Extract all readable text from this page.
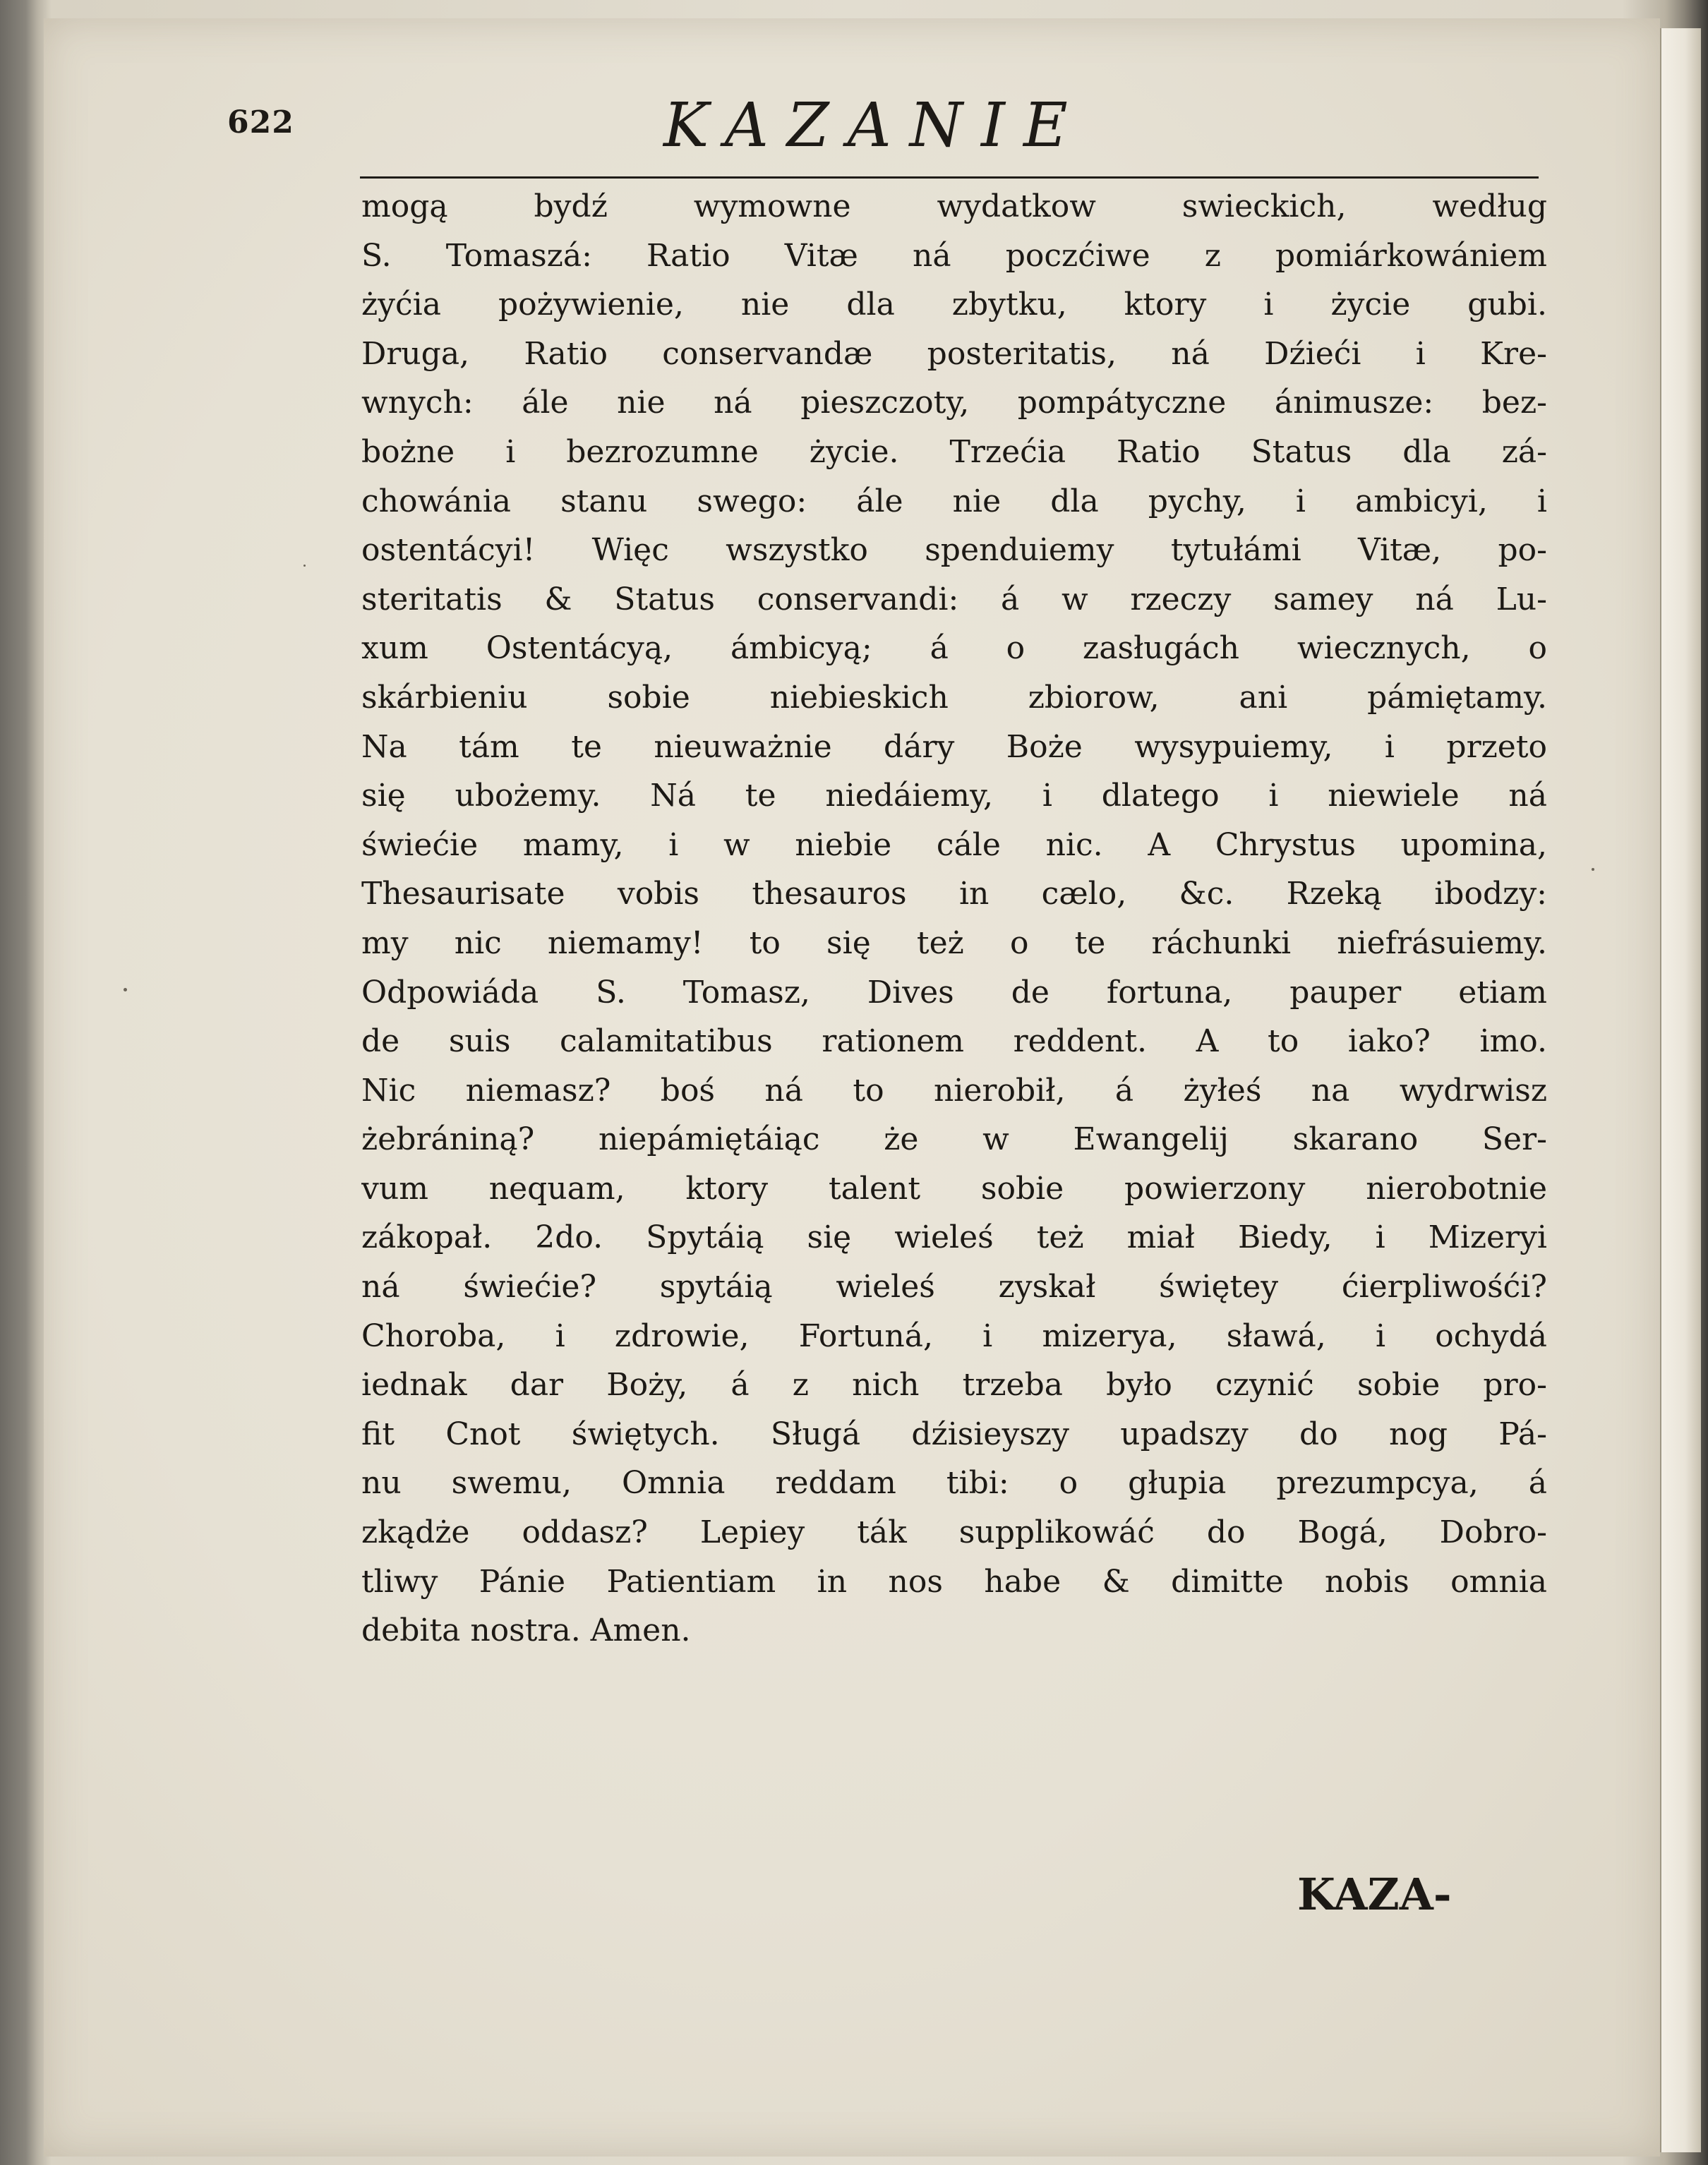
622	KAZANIE
mogą bydź wymowne wydatkow swieckich, według
S. Tomaszá: Ratio Vitæ ná poczćiwe z pomiárkowániem
żyćia pożywienie, nie dla zbytku, ktory i życie gubi.
Druga, Ratio conservandæ posteritatis, ná Dźieći i Kre-
wnych: ále nie ná pieszczoty, pompátyczne ánimusze: bez-
bożne i bezrozumne życie. Trzećia Ratio Status dla zá-
chowánia stanu swego: ále nie dla pychy, i ambicyi, i
ostentácyi! Więc wszystko spenduiemy tytułámi Vitæ, po-
steritatis & Status conservandi: á w rzeczy samey ná Lu-
xum Ostentácyą, ámbicyą; á o zasługách wiecznych, o
skárbieniu sobie niebieskich zbiorow, ani pámiętamy.
Na tám te nieuważnie dáry Boże wysypuiemy, i przeto
się ubożemy. Ná te niedáiemy, i dlatego i niewiele ná
świećie mamy, i w niebie cále nic. A Chrystus upomina,
Thesaurisate vobis thesauros in cælo, &c. Rzeką ibodzy:
my nic niemamy! to się też o te ráchunki niefrásuiemy.
Odpowiáda S. Tomasz, Dives de fortuna, pauper etiam
de suis calamitatibus rationem reddent. A to iako? imo.
Nic niemasz? boś ná to nierobił, á żyłeś na wydrwisz
żebrániną? niepámiętáiąc że w Ewangelij skarano Ser-
vum nequam, ktory talent sobie powierzony nierobotnie
zákopał. 2do. Spytáią się wieleś też miał Biedy, i Mizeryi
ná świećie? spytáią wieleś zyskał świętey ćierpliwośći?
Choroba, i zdrowie, Fortuná, i mizerya, sławá, i ochydá
iednak dar Boży, á z nich trzeba było czynić sobie pro-
fit Cnot świętych. Sługá dźisieyszy upadszy do nog Pá-
nu swemu, Omnia reddam tibi: o głupia prezumpcya, á
zkądże oddasz? Lepiey ták supplikowáć do Bogá, Dobro-
tliwy Pánie Patientiam in nos habe & dimitte nobis omnia
debita nostra. Amen.
KAZA-
